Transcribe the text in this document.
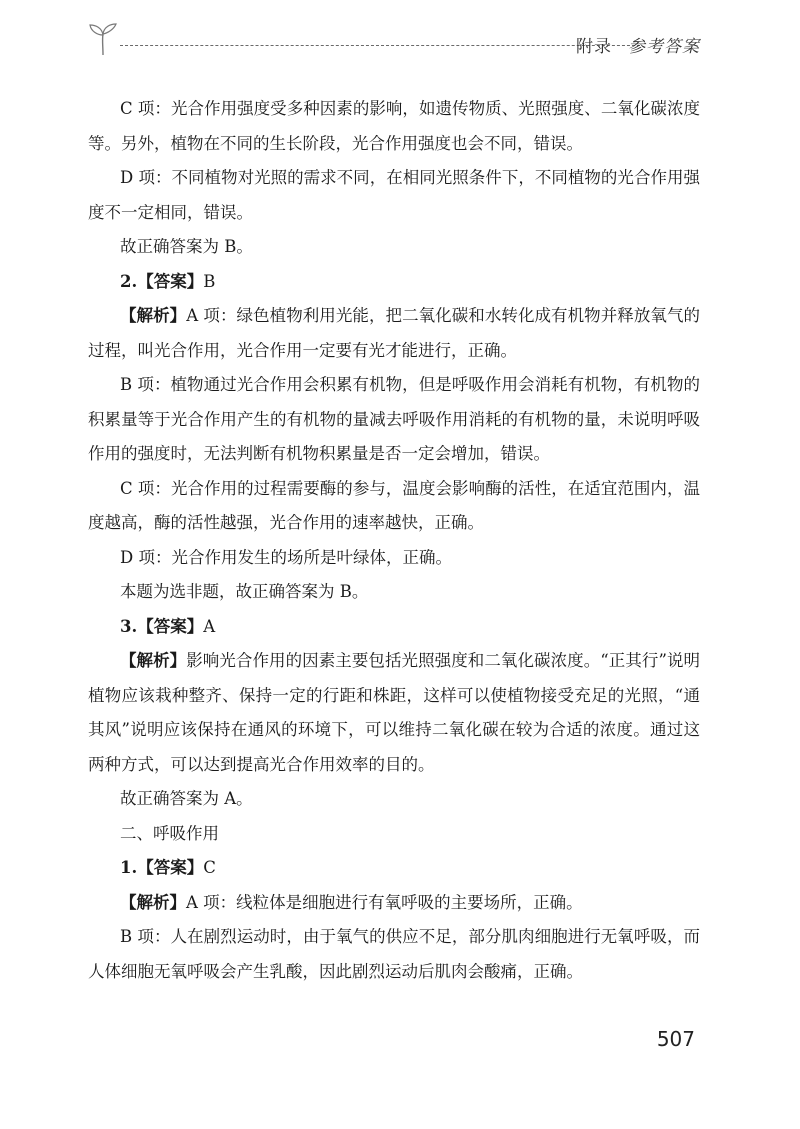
附录 参考答案

C 项：光合作用强度受多种因素的影响，如遗传物质、光照强度、二氧化碳浓度等。另外，植物在不同的生长阶段，光合作用强度也会不同，错误。

D 项：不同植物对光照的需求不同，在相同光照条件下，不同植物的光合作用强度不一定相同，错误。

故正确答案为 B。

2.【答案】B

【解析】A 项：绿色植物利用光能，把二氧化碳和水转化成有机物并释放氧气的过程，叫光合作用，光合作用一定要有光才能进行，正确。

B 项：植物通过光合作用会积累有机物，但是呼吸作用会消耗有机物，有机物的积累量等于光合作用产生的有机物的量减去呼吸作用消耗的有机物的量，未说明呼吸作用的强度时，无法判断有机物积累量是否一定会增加，错误。

C 项：光合作用的过程需要酶的参与，温度会影响酶的活性，在适宜范围内，温度越高，酶的活性越强，光合作用的速率越快，正确。

D 项：光合作用发生的场所是叶绿体，正确。

本题为选非题，故正确答案为 B。

3.【答案】A

【解析】影响光合作用的因素主要包括光照强度和二氧化碳浓度。“正其行”说明植物应该栽种整齐、保持一定的行距和株距，这样可以使植物接受充足的光照，“通其风”说明应该保持在通风的环境下，可以维持二氧化碳在较为合适的浓度。通过这两种方式，可以达到提高光合作用效率的目的。

故正确答案为 A。

二、呼吸作用

1.【答案】C

【解析】A 项：线粒体是细胞进行有氧呼吸的主要场所，正确。

B 项：人在剧烈运动时，由于氧气的供应不足，部分肌肉细胞进行无氧呼吸，而人体细胞无氧呼吸会产生乳酸，因此剧烈运动后肌肉会酸痛，正确。

507
